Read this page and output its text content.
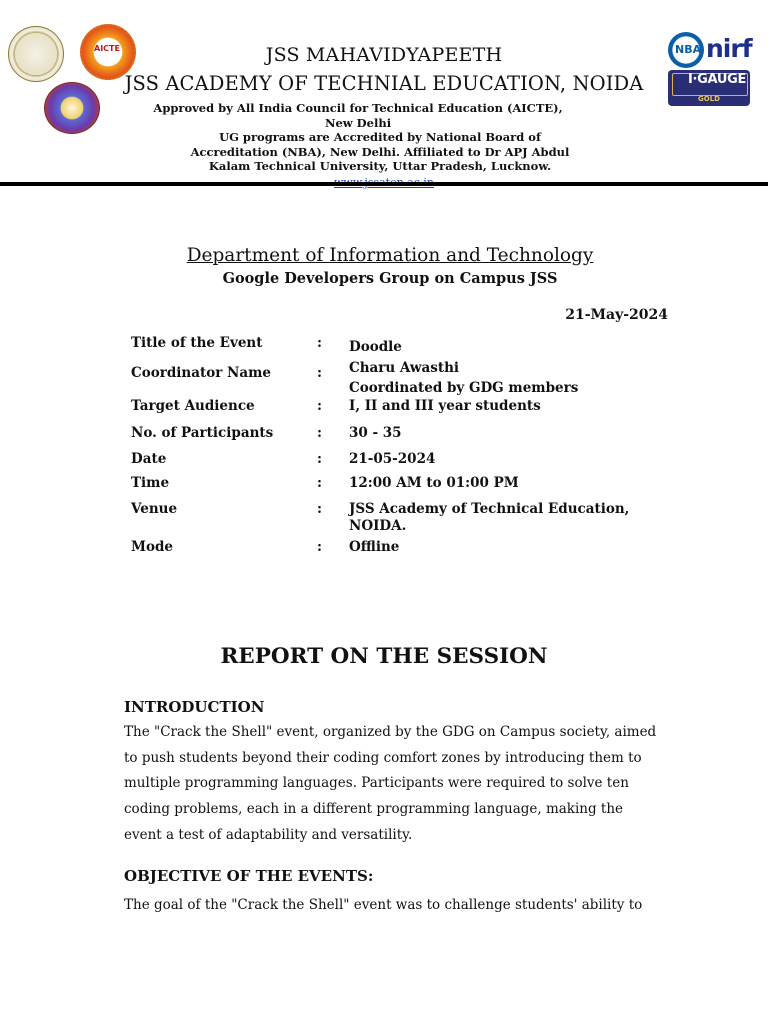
AICTE	NBA nirf
I·GAUGE
GOLD
JSS MAHAVIDYAPEETH
JSS ACADEMY OF TECHNIAL EDUCATION, NOIDA
Approved by All India Council for Technical Education (AICTE), New Delhi
UG programs are Accredited by National Board of Accreditation (NBA), New Delhi. Affiliated to Dr APJ Abdul Kalam Technical University, Uttar Pradesh, Lucknow.
Department of Information and Technology
Google Developers Group on Campus JSS
21-May-2024
Title of the Event	: Doodle
Coordinator Name	: Charu Awasthi
Coordinated by GDG members
Target Audience	: I, II and III year students
No. of Participants	: 30 - 35
Date	: 21-05-2024
Time	: 12:00 AM to 01:00 PM
Venue	: JSS Academy of Technical Education,
NOIDA.
Mode	: Offline
REPORT ON THE SESSION
INTRODUCTION
The "Crack the Shell" event, organized by the GDG on Campus society, aimed to push students beyond their coding comfort zones by introducing them to multiple programming languages. Participants were required to solve ten coding problems, each in a different programming language, making the event a test of adaptability and versatility.
OBJECTIVE OF THE EVENTS:
The goal of the "Crack the Shell" event was to challenge students' ability to
